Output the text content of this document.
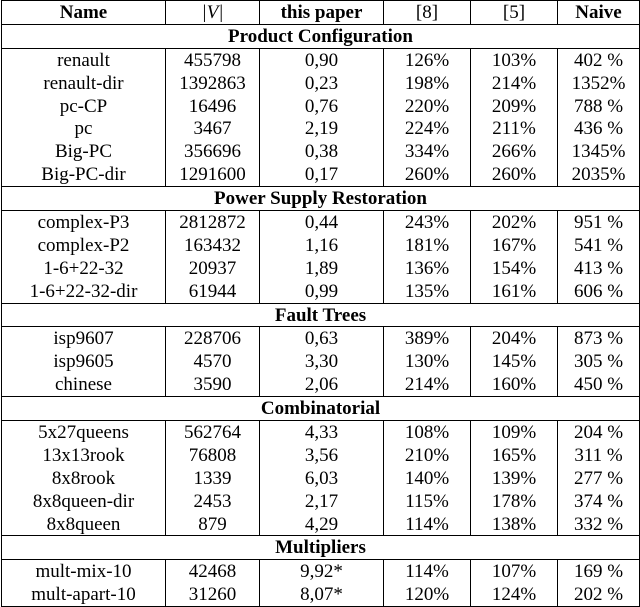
Name	|V|	this paper	[8]	[5]	Naive
Product Configuration					
renault	455798	0,90	126%	103%	402 %
renault-dir	1392863	0,23	198%	214%	1352%
pc-CP	16496	0,76	220%	209%	788 %
pc	3467	2,19	224%	211%	436 %
Big-PC	356696	0,38	334%	266%	1345%
Big-PC-dir	1291600	0,17	260%	260%	2035%
Power Supply Restoration					
complex-P3	2812872	0,44	243%	202%	951 %
complex-P2	163432	1,16	181%	167%	541 %
1-6+22-32	20937	1,89	136%	154%	413 %
1-6+22-32-dir	61944	0,99	135%	161%	606 %
Fault Trees					
isp9607	228706	0,63	389%	204%	873 %
isp9605	4570	3,30	130%	145%	305 %
chinese	3590	2,06	214%	160%	450 %
Combinatorial					
5x27queens	562764	4,33	108%	109%	204 %
13x13rook	76808	3,56	210%	165%	311 %
8x8rook	1339	6,03	140%	139%	277 %
8x8queen-dir	2453	2,17	115%	178%	374 %
8x8queen	879	4,29	114%	138%	332 %
Multipliers					
mult-mix-10	42468	9,92*	114%	107%	169 %
mult-apart-10	31260	8,07*	120%	124%	202 %
